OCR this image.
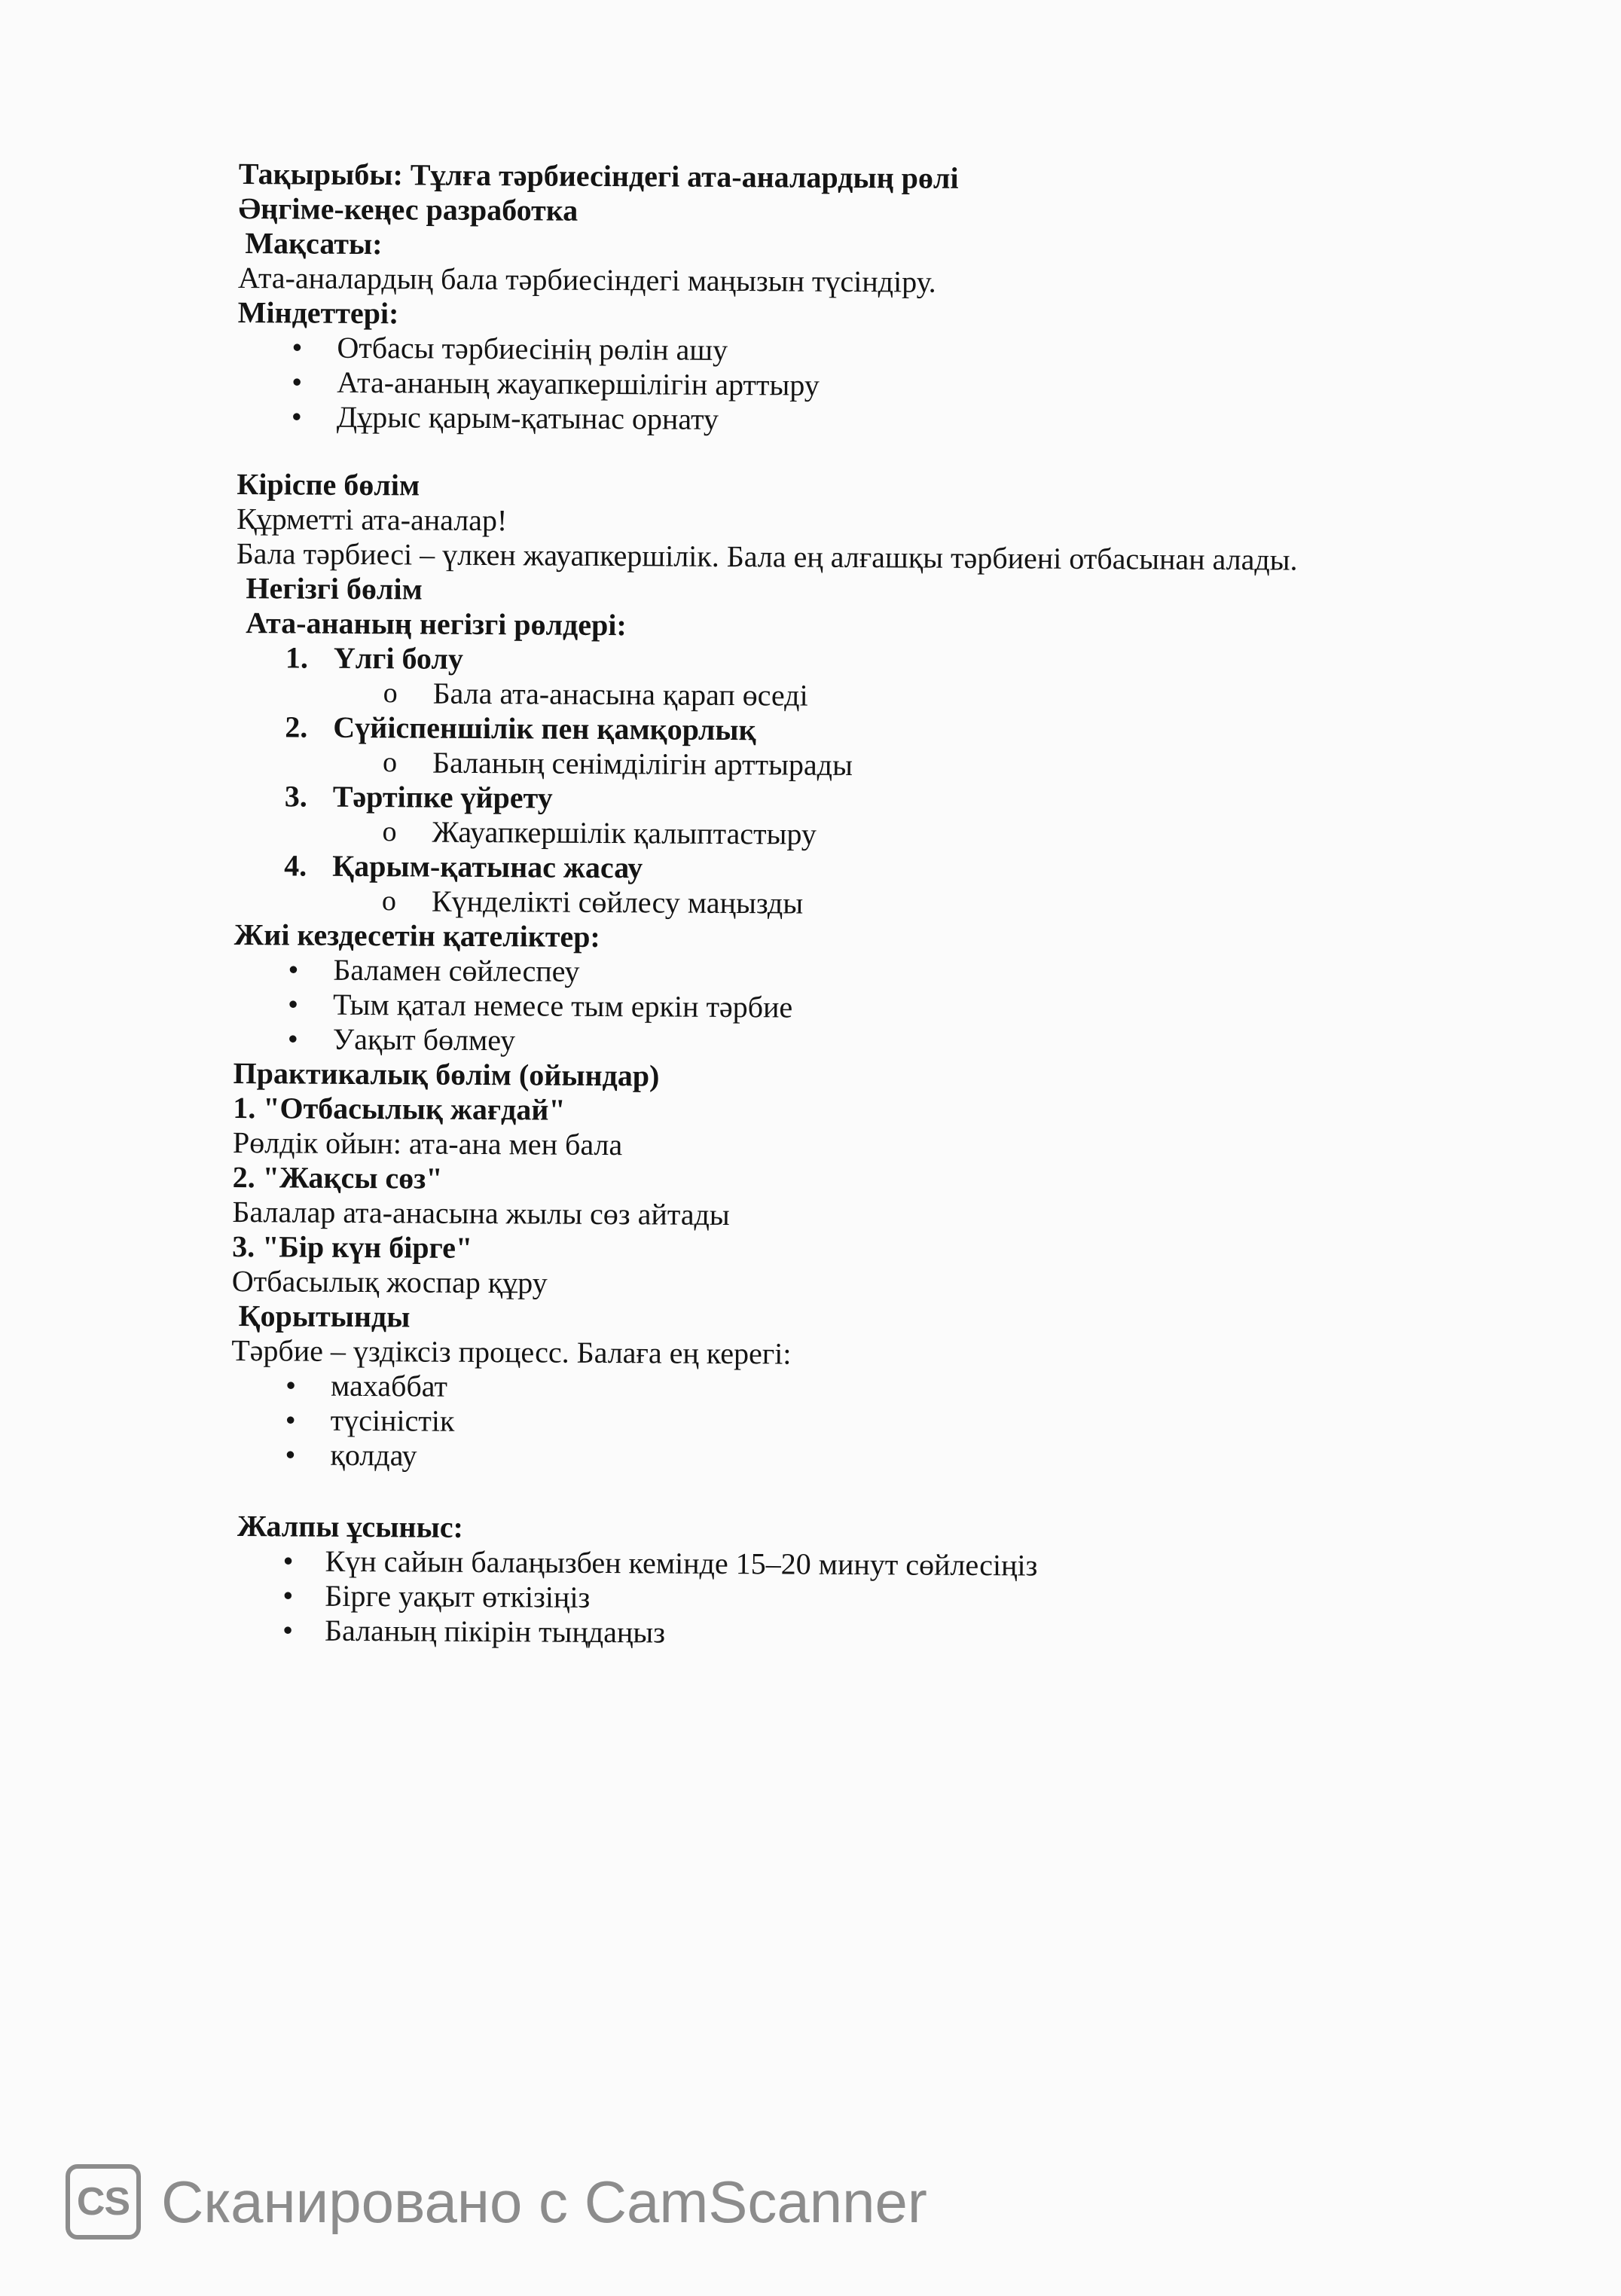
Тақырыбы: Тұлға тәрбиесіндегі ата-аналардың рөлі
Әңгіме-кеңес разработка
Мақсаты:
Ата-аналардың бала тәрбиесіндегі маңызын түсіндіру.
Міндеттері:
• Отбасы тәрбиесінің рөлін ашу
• Ата-ананың жауапкершілігін арттыру
• Дұрыс қарым-қатынас орнату
Кіріспе бөлім
Құрметті ата-аналар!
Бала тәрбиесі – үлкен жауапкершілік. Бала ең алғашқы тәрбиені отбасынан алады.
Негізгі бөлім
Ата-ананың негізгі рөлдері:
1. Үлгі болу
o Бала ата-анасына қарап өседі
2. Сүйіспеншілік пен қамқорлық
o Баланың сенімділігін арттырады
3. Тәртіпке үйрету
o Жауапкершілік қалыптастыру
4. Қарым-қатынас жасау
o Күнделікті сөйлесу маңызды
Жиі кездесетін қателіктер:
• Баламен сөйлеспеу
• Тым қатал немесе тым еркін тәрбие
• Уақыт бөлмеу
Практикалық бөлім (ойындар)
1. "Отбасылық жағдай"
Рөлдік ойын: ата-ана мен бала
2. "Жақсы сөз"
Балалар ата-анасына жылы сөз айтады
3. "Бір күн бірге"
Отбасылық жоспар құру
Қорытынды
Тәрбие – үздіксіз процесс. Балаға ең керегі:
• махаббат
• түсіністік
• қолдау
Жалпы ұсыныс:
• Күн сайын балаңызбен кемінде 15–20 минут сөйлесіңіз
• Бірге уақыт өткізіңіз
• Баланың пікірін тыңдаңыз
CS Сканировано с CamScanner
